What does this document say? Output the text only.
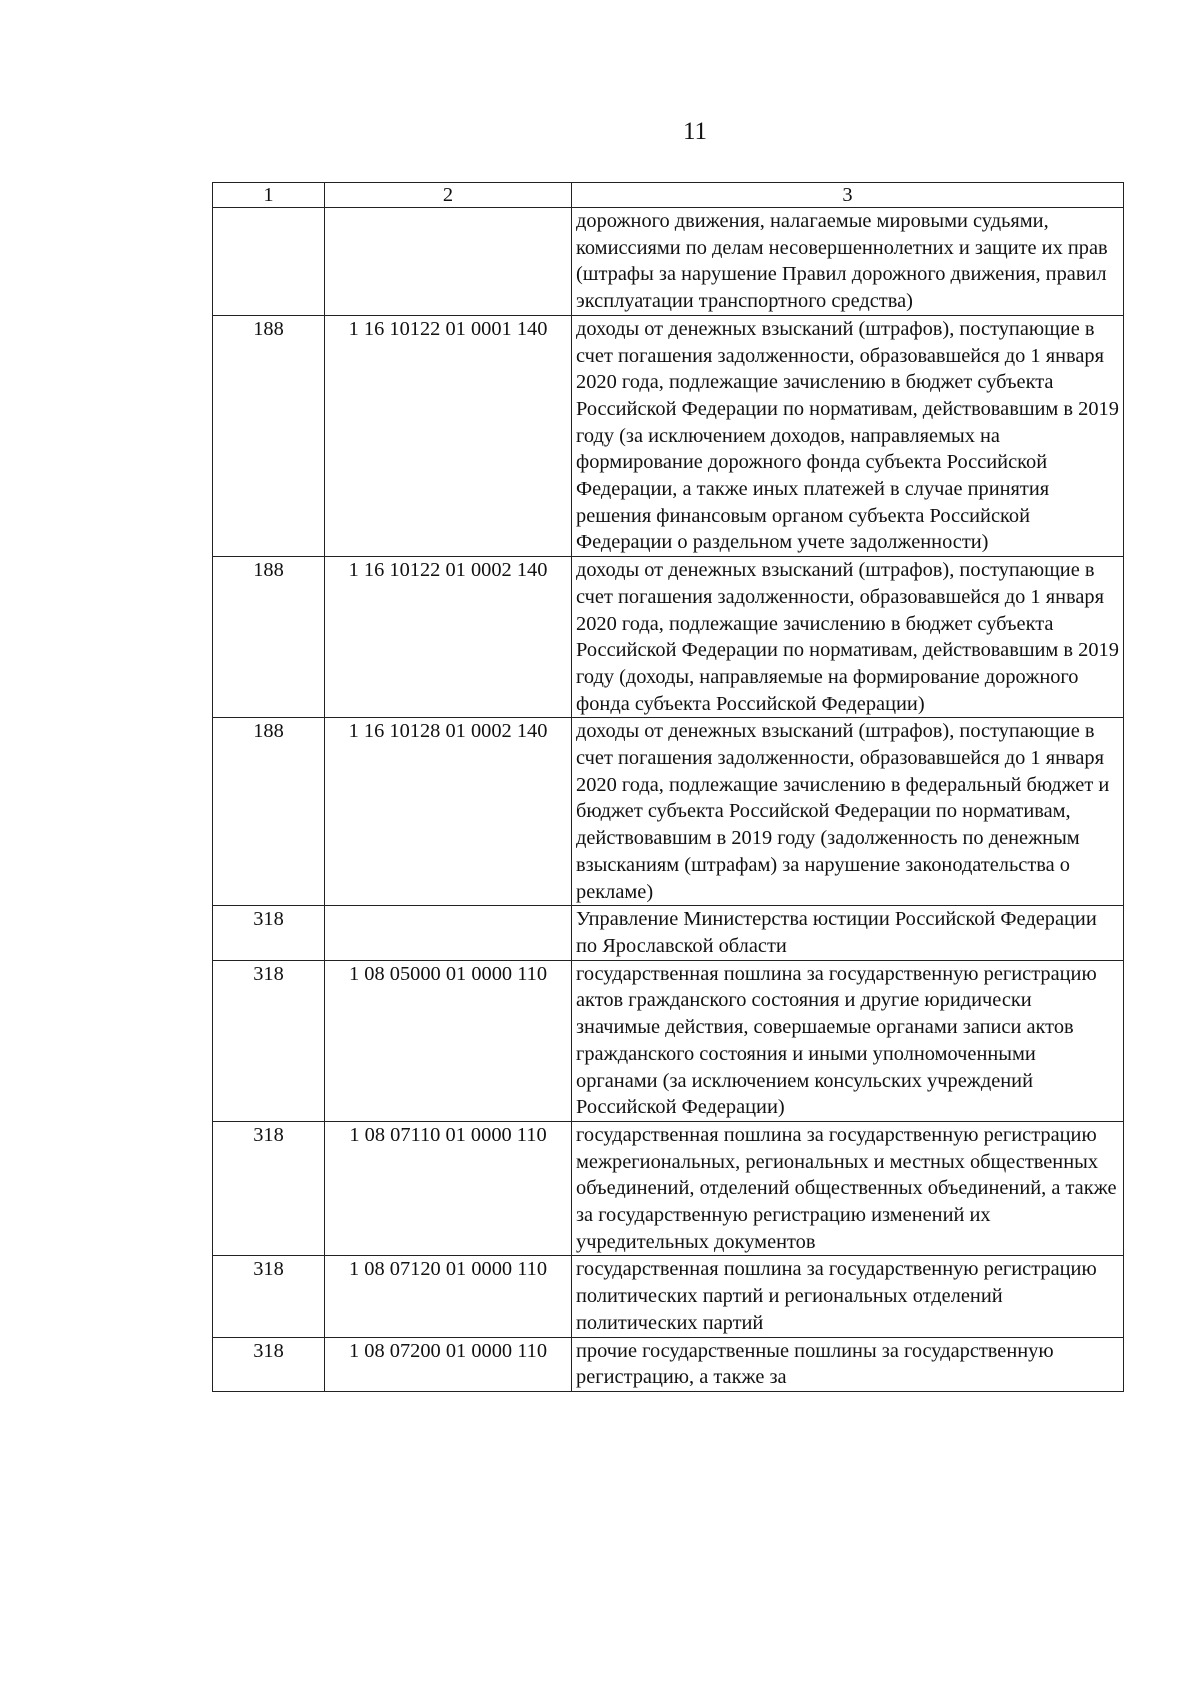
11
1	2	3
		дорожного движения, налагаемые мировыми судьями, комиссиями по делам несовершеннолетних и защите их прав (штрафы за нарушение Правил дорожного движения, правил эксплуатации транспортного средства)
188	1 16 10122 01 0001 140	доходы от денежных взысканий (штрафов), поступающие в счет погашения задолженности, образовавшейся до 1 января 2020 года, подлежащие зачислению в бюджет субъекта Российской Федерации по нормативам, действовавшим в 2019 году (за исключением доходов, направляемых на формирование дорожного фонда субъекта Российской Федерации, а также иных платежей в случае принятия решения финансовым органом субъекта Российской Федерации о раздельном учете задолженности)
188	1 16 10122 01 0002 140	доходы от денежных взысканий (штрафов), поступающие в счет погашения задолженности, образовавшейся до 1 января 2020 года, подлежащие зачислению в бюджет субъекта Российской Федерации по нормативам, действовавшим в 2019 году (доходы, направляемые на формирование дорожного фонда субъекта Российской Федерации)
188	1 16 10128 01 0002 140	доходы от денежных взысканий (штрафов), поступающие в счет погашения задолженности, образовавшейся до 1 января 2020 года, подлежащие зачислению в федеральный бюджет и бюджет субъекта Российской Федерации по нормативам, действовавшим в 2019 году (задолженность по денежным взысканиям (штрафам) за нарушение законодательства о рекламе)
318		Управление Министерства юстиции Российской Федерации по Ярославской области
318	1 08 05000 01 0000 110	государственная пошлина за государственную регистрацию актов гражданского состояния и другие юридически значимые действия, совершаемые органами записи актов гражданского состояния и иными уполномоченными органами (за исключением консульских учреждений Российской Федерации)
318	1 08 07110 01 0000 110	государственная пошлина за государственную регистрацию межрегиональных, региональных и местных общественных объединений, отделений общественных объединений, а также за государственную регистрацию изменений их учредительных документов
318	1 08 07120 01 0000 110	государственная пошлина за государственную регистрацию политических партий и региональных отделений политических партий
318	1 08 07200 01 0000 110	прочие государственные пошлины за государственную регистрацию, а также за
